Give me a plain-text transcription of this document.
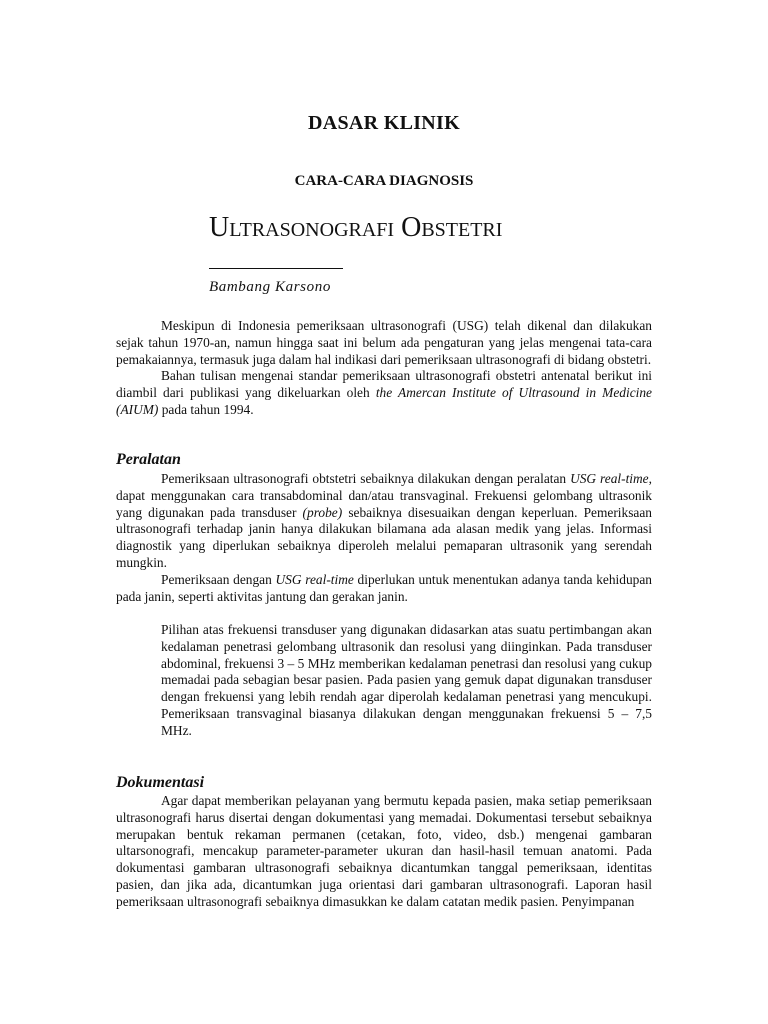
DASAR KLINIK
CARA-CARA DIAGNOSIS
ULTRASONOGRAFI OBSTETRI
Bambang Karsono

Meskipun di Indonesia pemeriksaan ultrasonografi (USG) telah dikenal dan dilakukan sejak tahun 1970-an, namun hingga saat ini belum ada pengaturan yang jelas mengenai tata-cara pemakaiannya, termasuk juga dalam hal indikasi dari pemeriksaan ultrasonografi di bidang obstetri.

Bahan tulisan mengenai standar pemeriksaan ultrasonografi obstetri antenatal berikut ini diambil dari publikasi yang dikeluarkan oleh the Amercan Institute of Ultrasound in Medicine (AIUM) pada tahun 1994.

Peralatan

Pemeriksaan ultrasonografi obtstetri sebaiknya dilakukan dengan peralatan USG real-time, dapat menggunakan cara transabdominal dan/atau transvaginal. Frekuensi gelombang ultrasonik yang digunakan pada transduser (probe) sebaiknya disesuaikan dengan keperluan. Pemeriksaan ultrasonografi terhadap janin hanya dilakukan bilamana ada alasan medik yang jelas. Informasi diagnostik yang diperlukan sebaiknya diperoleh melalui pemaparan ultrasonik yang serendah mungkin.

Pemeriksaan dengan USG real-time diperlukan untuk menentukan adanya tanda kehidupan pada janin, seperti aktivitas jantung dan gerakan janin.

Pilihan atas frekuensi transduser yang digunakan didasarkan atas suatu pertimbangan akan kedalaman penetrasi gelombang ultrasonik dan resolusi yang diinginkan. Pada transduser abdominal, frekuensi 3 – 5 MHz memberikan kedalaman penetrasi dan resolusi yang cukup memadai pada sebagian besar pasien. Pada pasien yang gemuk dapat digunakan transduser dengan frekuensi yang lebih rendah agar diperolah kedalaman penetrasi yang mencukupi. Pemeriksaan transvaginal biasanya dilakukan dengan menggunakan frekuensi 5 – 7,5 MHz.

Dokumentasi

Agar dapat memberikan pelayanan yang bermutu kepada pasien, maka setiap pemeriksaan ultrasonografi harus disertai dengan dokumentasi yang memadai. Dokumentasi tersebut sebaiknya merupakan bentuk rekaman permanen (cetakan, foto, video, dsb.) mengenai gambaran ultarsonografi, mencakup parameter-parameter ukuran dan hasil-hasil temuan anatomi. Pada dokumentasi gambaran ultrasonografi sebaiknya dicantumkan tanggal pemeriksaan, identitas pasien, dan jika ada, dicantumkan juga orientasi dari gambaran ultrasonografi. Laporan hasil pemeriksaan ultrasonografi sebaiknya dimasukkan ke dalam catatan medik pasien. Penyimpanan
